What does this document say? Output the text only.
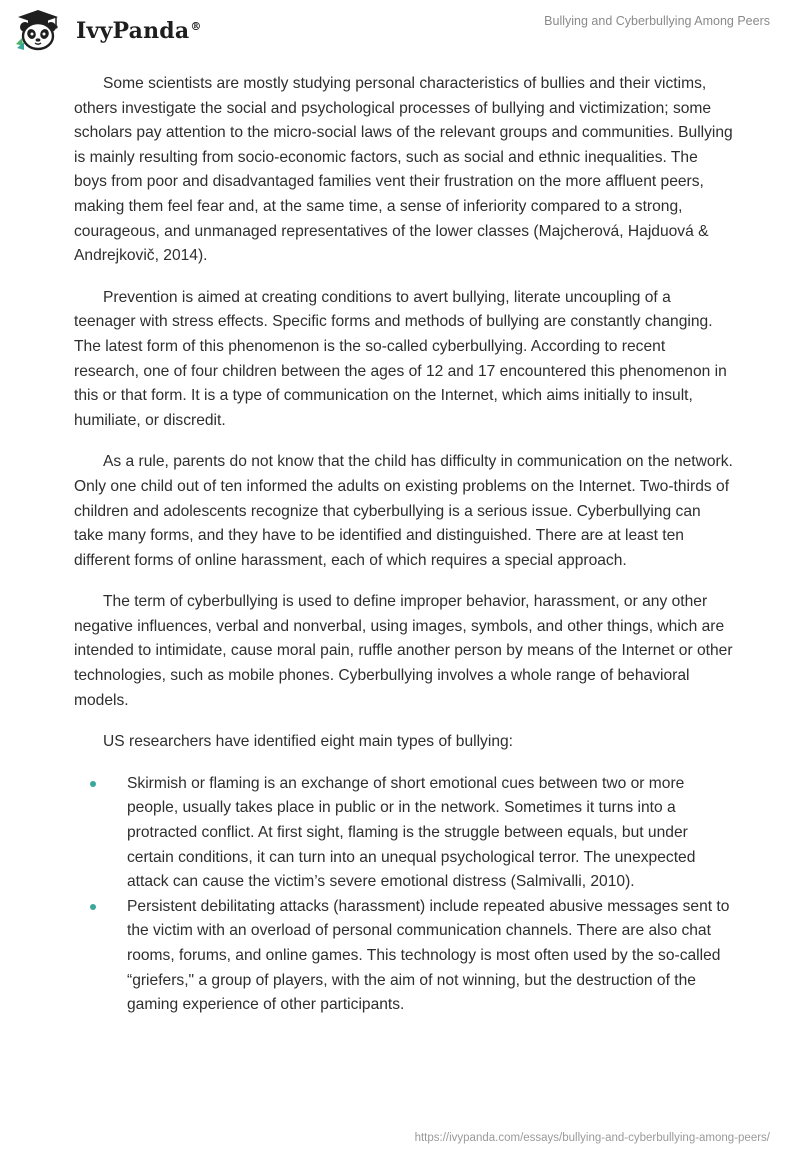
IvyPanda®	Bullying and Cyberbullying Among Peers

Some scientists are mostly studying personal characteristics of bullies and their victims, others investigate the social and psychological processes of bullying and victimization; some scholars pay attention to the micro-social laws of the relevant groups and communities. Bullying is mainly resulting from socio-economic factors, such as social and ethnic inequalities. The boys from poor and disadvantaged families vent their frustration on the more affluent peers, making them feel fear and, at the same time, a sense of inferiority compared to a strong, courageous, and unmanaged representatives of the lower classes (Majcherová, Hajduová & Andrejkovič, 2014).

Prevention is aimed at creating conditions to avert bullying, literate uncoupling of a teenager with stress effects. Specific forms and methods of bullying are constantly changing. The latest form of this phenomenon is the so-called cyberbullying. According to recent research, one of four children between the ages of 12 and 17 encountered this phenomenon in this or that form. It is a type of communication on the Internet, which aims initially to insult, humiliate, or discredit.

As a rule, parents do not know that the child has difficulty in communication on the network. Only one child out of ten informed the adults on existing problems on the Internet. Two-thirds of children and adolescents recognize that cyberbullying is a serious issue. Cyberbullying can take many forms, and they have to be identified and distinguished. There are at least ten different forms of online harassment, each of which requires a special approach.

The term of cyberbullying is used to define improper behavior, harassment, or any other negative influences, verbal and nonverbal, using images, symbols, and other things, which are intended to intimidate, cause moral pain, ruffle another person by means of the Internet or other technologies, such as mobile phones. Cyberbullying involves a whole range of behavioral models.

US researchers have identified eight main types of bullying:

Skirmish or flaming is an exchange of short emotional cues between two or more people, usually takes place in public or in the network. Sometimes it turns into a protracted conflict. At first sight, flaming is the struggle between equals, but under certain conditions, it can turn into an unequal psychological terror. The unexpected attack can cause the victim’s severe emotional distress (Salmivalli, 2010).
Persistent debilitating attacks (harassment) include repeated abusive messages sent to the victim with an overload of personal communication channels. There are also chat rooms, forums, and online games. This technology is most often used by the so-called “griefers," a group of players, with the aim of not winning, but the destruction of the gaming experience of other participants.
https://ivypanda.com/essays/bullying-and-cyberbullying-among-peers/
